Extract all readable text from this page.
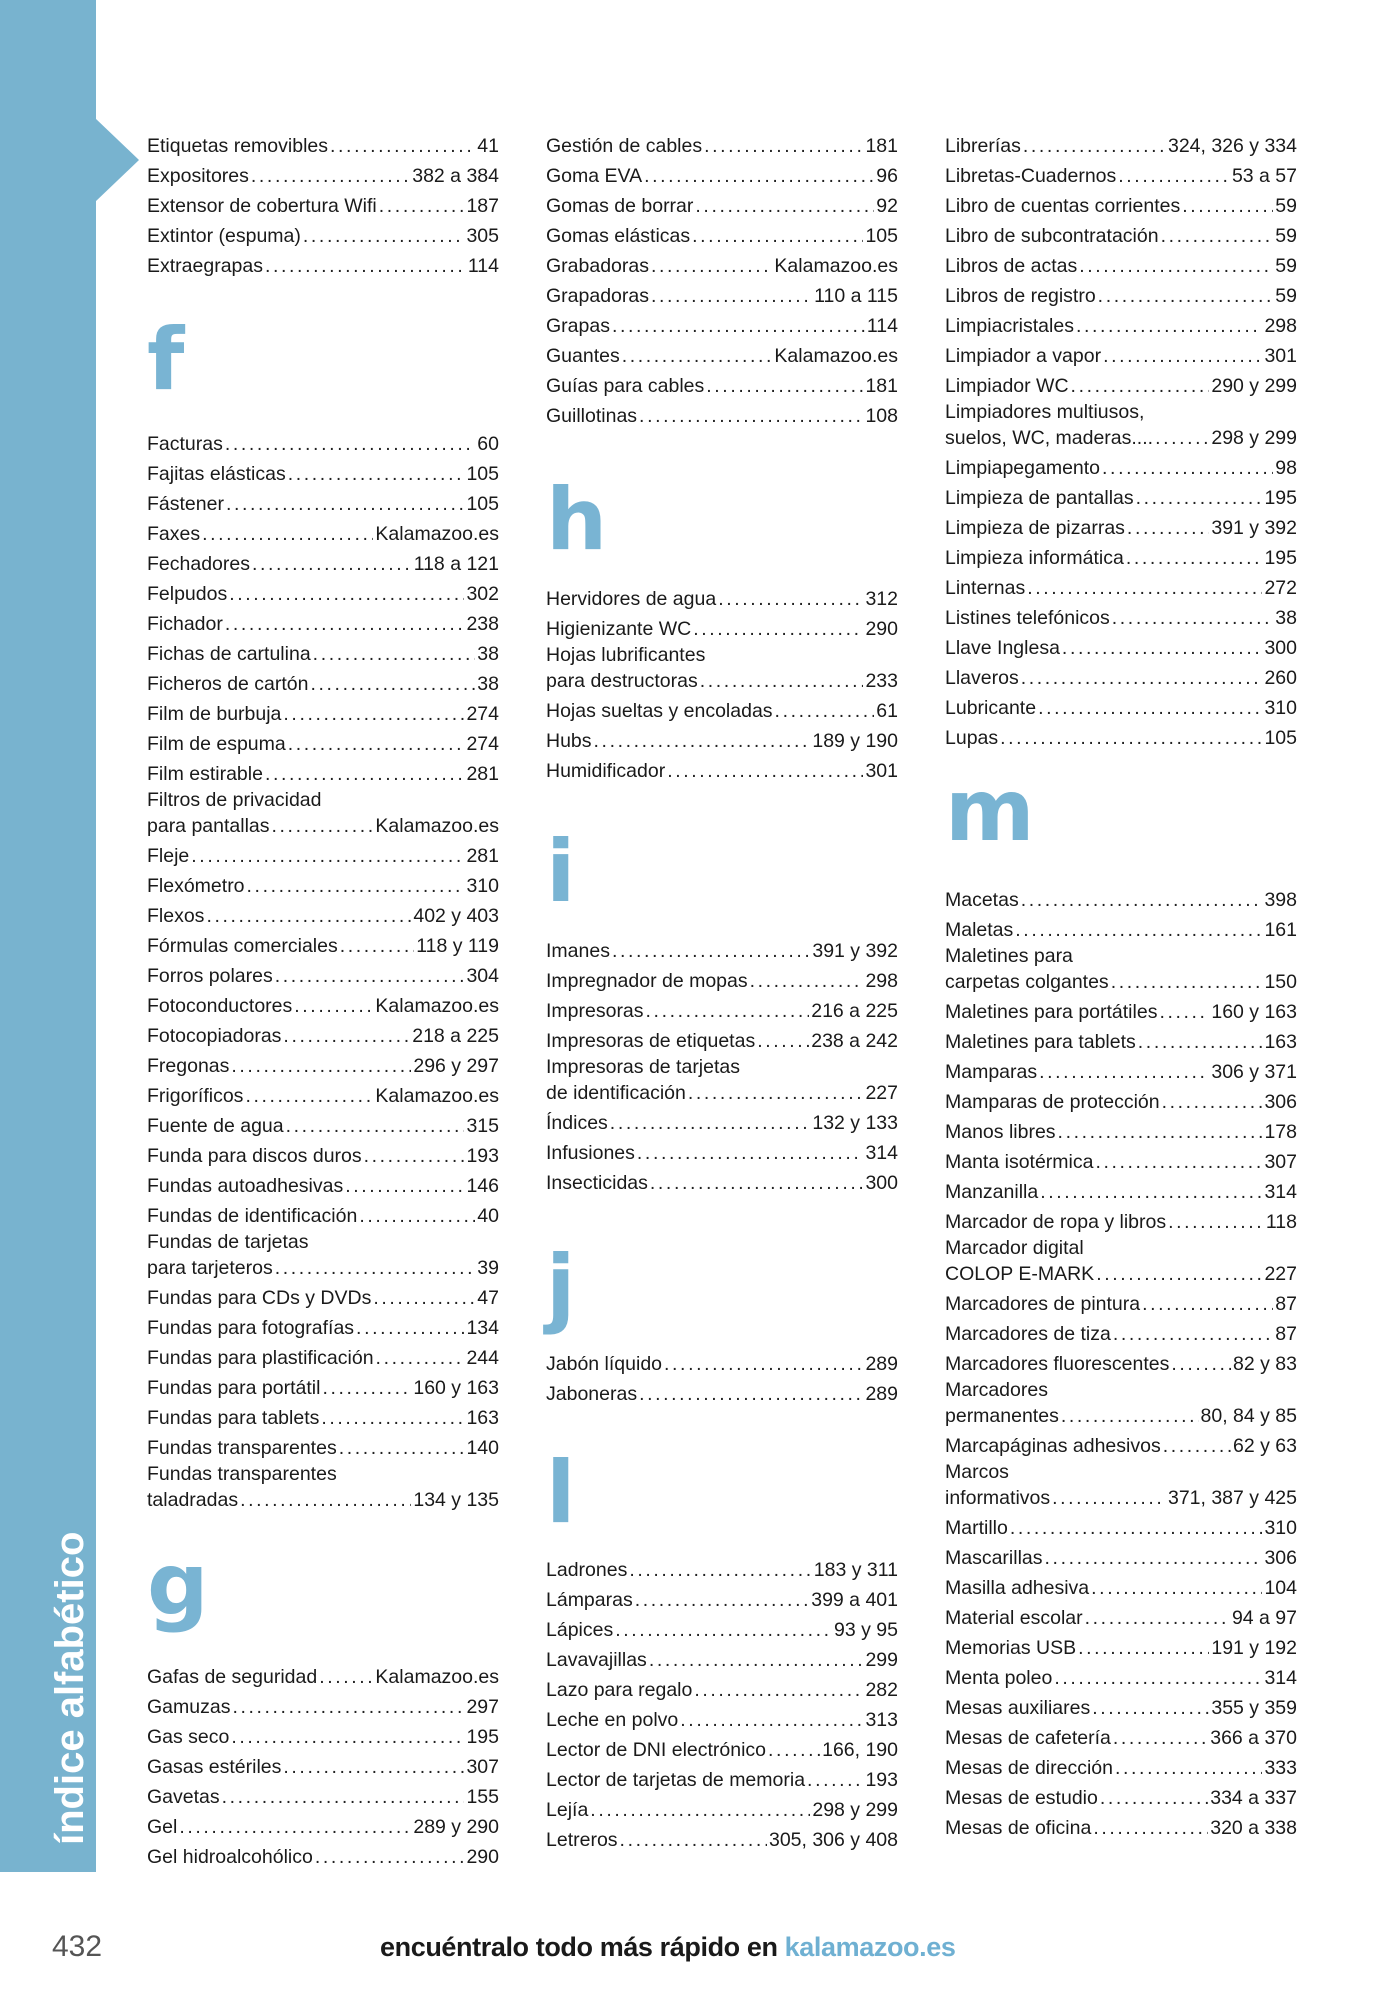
índice alfabético
Etiquetas removibles .....	41
Expositores .....	382 a 384
Extensor de cobertura Wifi .....	187
Extintor (espuma) .....	305
Extraegrapas .....	114
f
Facturas .....	60
Fajitas elásticas .....	105
Fástener .....	105
Faxes .....	Kalamazoo.es
Fechadores .....	118 a 121
Felpudos .....	302
Fichador .....	238
Fichas de cartulina .....	38
Ficheros de cartón .....	38
Film de burbuja .....	274
Film de espuma .....	274
Film estirable .....	281
Filtros de privacidad
para pantallas .....	Kalamazoo.es
Fleje .....	281
Flexómetro .....	310
Flexos .....	402 y 403
Fórmulas comerciales .....	118 y 119
Forros polares .....	304
Fotoconductores .....	Kalamazoo.es
Fotocopiadoras .....	218 a 225
Fregonas .....	296 y 297
Frigoríficos .....	Kalamazoo.es
Fuente de agua .....	315
Funda para discos duros .....	193
Fundas autoadhesivas .....	146
Fundas de identificación .....	40
Fundas de tarjetas
para tarjeteros .....	39
Fundas para CDs y DVDs .....	47
Fundas para fotografías .....	134
Fundas para plastificación .....	244
Fundas para portátil .....	160 y 163
Fundas para tablets .....	163
Fundas transparentes .....	140
Fundas transparentes
taladradas .....	134 y 135
g
Gafas de seguridad .....	Kalamazoo.es
Gamuzas .....	297
Gas seco .....	195
Gasas estériles .....	307
Gavetas .....	155
Gel .....	289 y 290
Gel hidroalcohólico .....	290
Gestión de cables .....	181
Goma EVA .....	96
Gomas de borrar .....	92
Gomas elásticas .....	105
Grabadoras .....	Kalamazoo.es
Grapadoras .....	110 a 115
Grapas .....	114
Guantes .....	Kalamazoo.es
Guías para cables .....	181
Guillotinas .....	108
h
Hervidores de agua .....	312
Higienizante WC .....	290
Hojas lubrificantes
para destructoras .....	233
Hojas sueltas y encoladas .....	61
Hubs .....	189 y 190
Humidificador .....	301
i
Imanes .....	391 y 392
Impregnador de mopas .....	298
Impresoras .....	216 a 225
Impresoras de etiquetas .....	238 a 242
Impresoras de tarjetas
de identificación .....	227
Índices .....	132 y 133
Infusiones .....	314
Insecticidas .....	300
j
Jabón líquido .....	289
Jaboneras .....	289
l
Ladrones .....	183 y 311
Lámparas .....	399 a 401
Lápices .....	93 y 95
Lavavajillas .....	299
Lazo para regalo .....	282
Leche en polvo .....	313
Lector de DNI electrónico .....	166, 190
Lector de tarjetas de memoria .....	193
Lejía .....	298 y 299
Letreros .....	305, 306 y 408
Librerías .....	324, 326 y 334
Libretas-Cuadernos .....	53 a 57
Libro de cuentas corrientes .....	59
Libro de subcontratación .....	59
Libros de actas .....	59
Libros de registro .....	59
Limpiacristales .....	298
Limpiador a vapor .....	301
Limpiador WC .....	290 y 299
Limpiadores multiusos,
suelos, WC, maderas.... .....	298 y 299
Limpiapegamento .....	98
Limpieza de pantallas .....	195
Limpieza de pizarras .....	391 y 392
Limpieza informática .....	195
Linternas .....	272
Listines telefónicos .....	38
Llave Inglesa .....	300
Llaveros .....	260
Lubricante .....	310
Lupas .....	105
m
Macetas .....	398
Maletas .....	161
Maletines para
carpetas colgantes .....	150
Maletines para portátiles .....	160 y 163
Maletines para tablets .....	163
Mamparas .....	306 y 371
Mamparas de protección .....	306
Manos libres .....	178
Manta isotérmica .....	307
Manzanilla .....	314
Marcador de ropa y libros .....	118
Marcador digital
COLOP E-MARK .....	227
Marcadores de pintura .....	87
Marcadores de tiza .....	87
Marcadores fluorescentes .....	82 y 83
Marcadores
permanentes .....	80, 84 y 85
Marcapáginas adhesivos .....	62 y 63
Marcos
informativos .....	371, 387 y 425
Martillo .....	310
Mascarillas .....	306
Masilla adhesiva .....	104
Material escolar .....	94 a 97
Memorias USB .....	191 y 192
Menta poleo .....	314
Mesas auxiliares .....	355 y 359
Mesas de cafetería .....	366 a 370
Mesas de dirección .....	333
Mesas de estudio .....	334 a 337
Mesas de oficina .....	320 a 338
432	encuéntralo todo más rápido en kalamazoo.es
